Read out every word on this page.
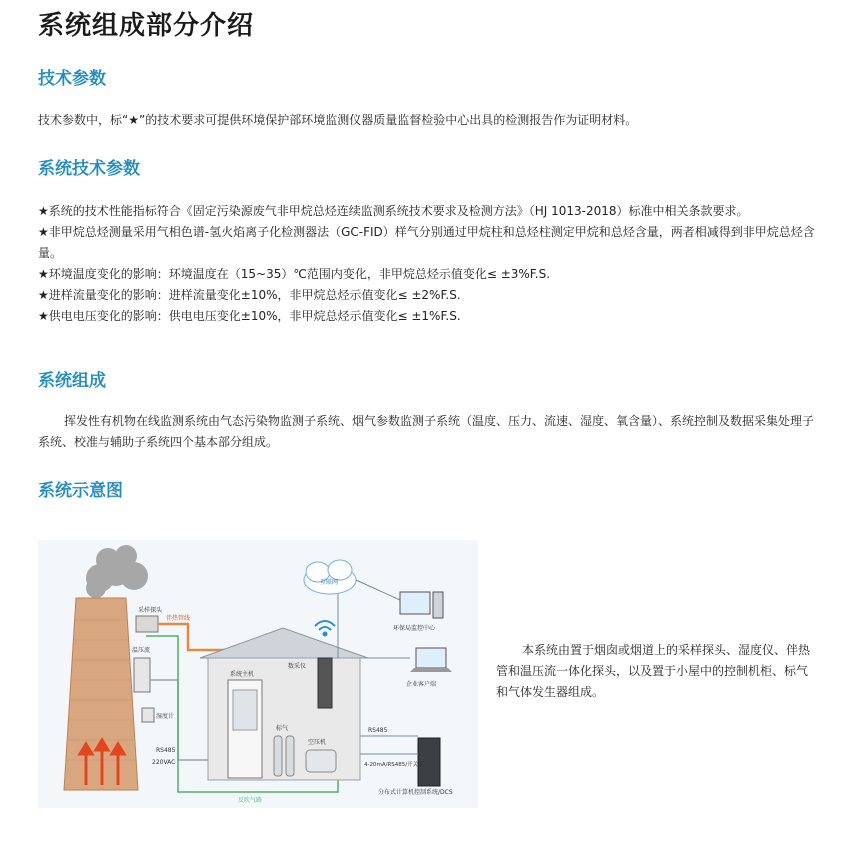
系统组成部分介绍
技术参数

技术参数中，标“★”的技术要求可提供环境保护部环境监测仪器质量监督检验中心出具的检测报告作为证明材料。

系统技术参数
★系统的技术性能指标符合《固定污染源废气非甲烷总烃连续监测系统技术要求及检测方法》（HJ 1013-2018）标准中相关条款要求。
★非甲烷总烃测量采用气相色谱-氢火焰离子化检测器法（GC-FID）样气分别通过甲烷柱和总烃柱测定甲烷和总烃含量，两者相减得到非甲烷总烃含量。
★环境温度变化的影响：环境温度在（15~35）℃范围内变化，非甲烷总烃示值变化≤ ±3%F.S.
★进样流量变化的影响：进样流量变化±10%，非甲烷总烃示值变化≤ ±2%F.S.
★供电电压变化的影响：供电电压变化±10%，非甲烷总烃示值变化≤ ±1%F.S.
系统组成

挥发性有机物在线监测系统由气态污染物监测子系统、烟气参数监测子系统（温度、压力、流速、湿度、氧含量）、系统控制及数据采集处理子系统、校准与辅助子系统四个基本部分组成。

系统示意图
采样探头
伴热管线
温压流
湿度计
RS485
220VAC
反吹气路
系统主机
数采仪
标气
空压机
互联网
环保局监控中心
企业客户端
分布式计算机控制系统/DCS
RS485
4-20mA/RS485/开关量

本系统由置于烟囱或烟道上的采样探头、湿度仪、伴热管和温压流一体化探头，以及置于小屋中的控制机柜、标气和气体发生器组成。
